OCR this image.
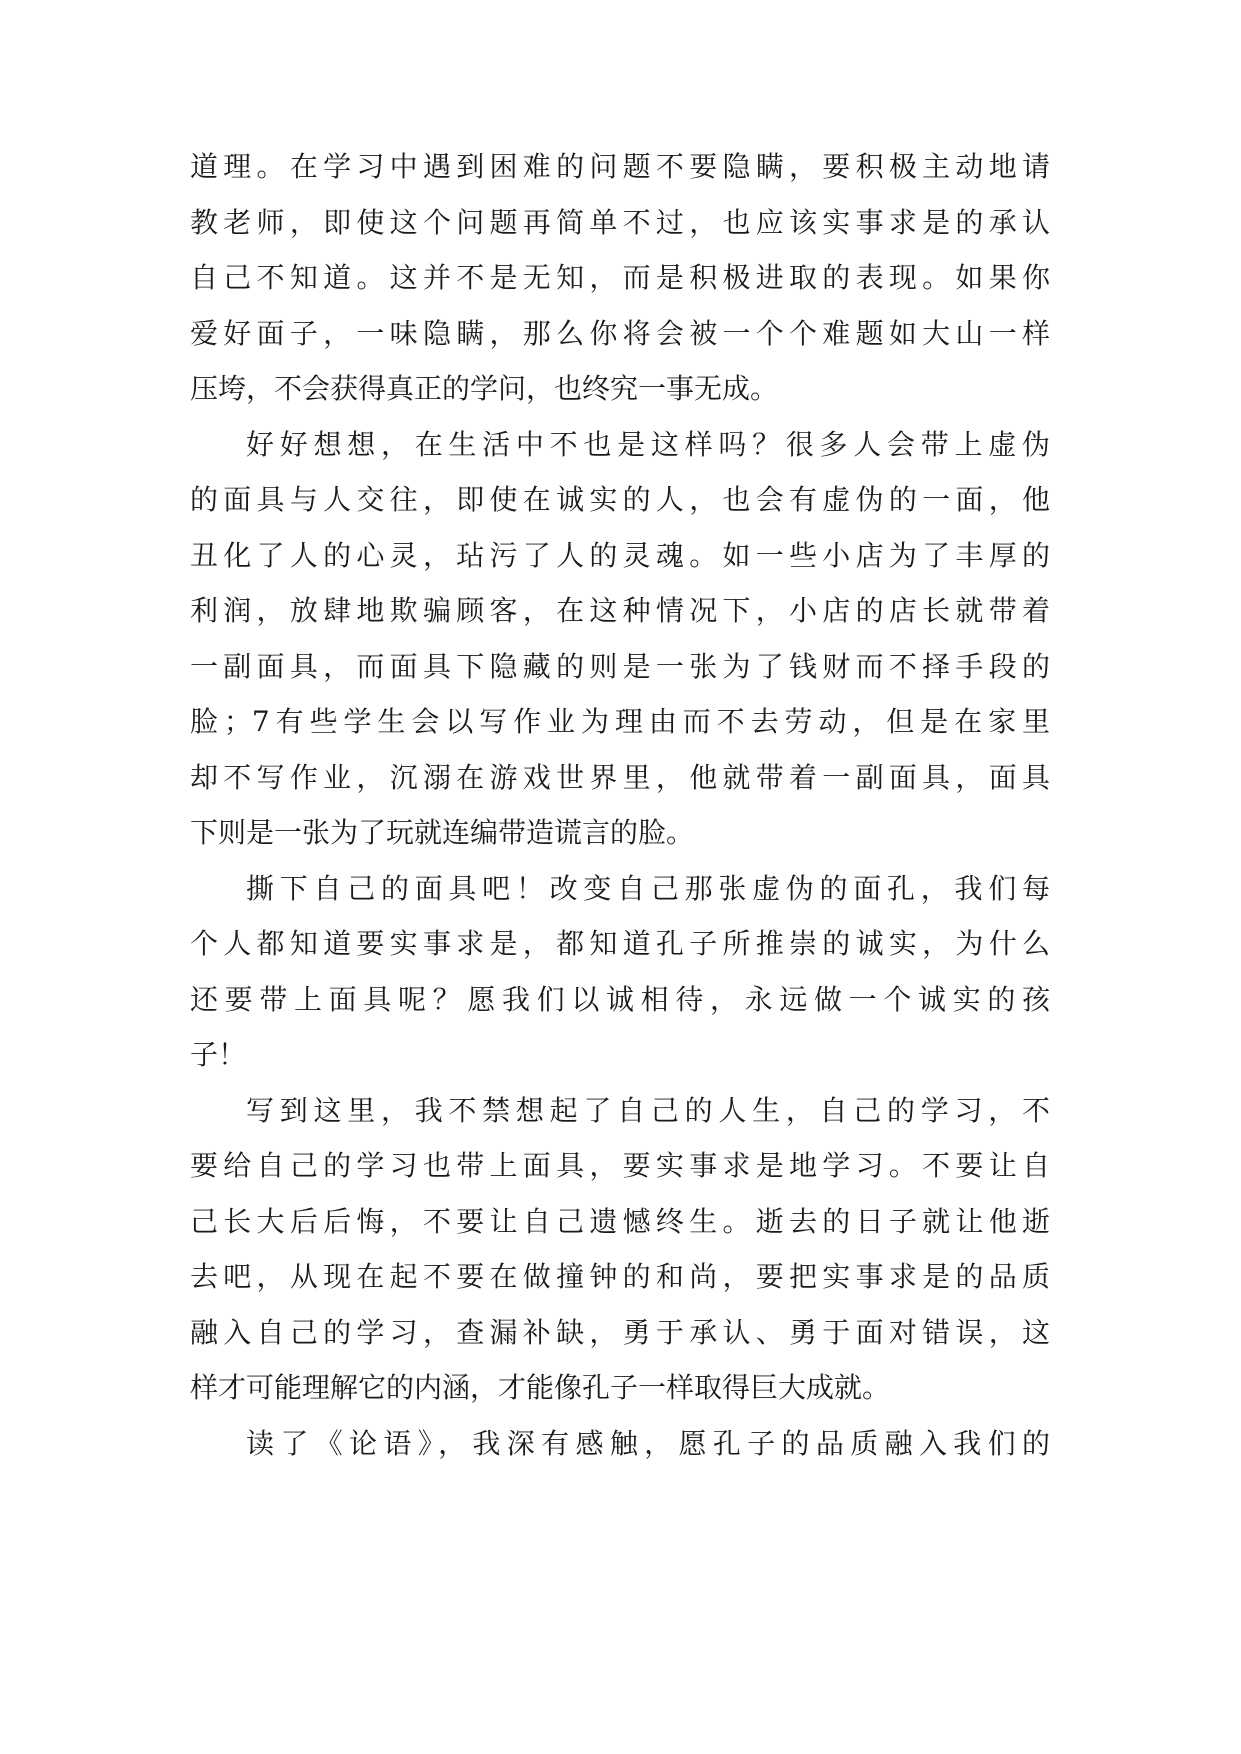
道理。在学习中遇到困难的问题不要隐瞒，要积极主动地请
教老师，即使这个问题再简单不过，也应该实事求是的承认
自己不知道。这并不是无知，而是积极进取的表现。如果你
爱好面子，一味隐瞒，那么你将会被一个个难题如大山一样
压垮，不会获得真正的学问，也终究一事无成。
好好想想，在生活中不也是这样吗？很多人会带上虚伪
的面具与人交往，即使在诚实的人，也会有虚伪的一面，他
丑化了人的心灵，玷污了人的灵魂。如一些小店为了丰厚的
利润，放肆地欺骗顾客，在这种情况下，小店的店长就带着
一副面具，而面具下隐藏的则是一张为了钱财而不择手段的
脸；7有些学生会以写作业为理由而不去劳动，但是在家里
却不写作业，沉溺在游戏世界里，他就带着一副面具，面具
下则是一张为了玩就连编带造谎言的脸。
撕下自己的面具吧！改变自己那张虚伪的面孔，我们每
个人都知道要实事求是，都知道孔子所推崇的诚实，为什么
还要带上面具呢？愿我们以诚相待，永远做一个诚实的孩
子！
写到这里，我不禁想起了自己的人生，自己的学习，不
要给自己的学习也带上面具，要实事求是地学习。不要让自
己长大后后悔，不要让自己遗憾终生。逝去的日子就让他逝
去吧，从现在起不要在做撞钟的和尚，要把实事求是的品质
融入自己的学习，查漏补缺，勇于承认、勇于面对错误，这
样才可能理解它的内涵，才能像孔子一样取得巨大成就。
读了《论语》，我深有感触，愿孔子的品质融入我们的
